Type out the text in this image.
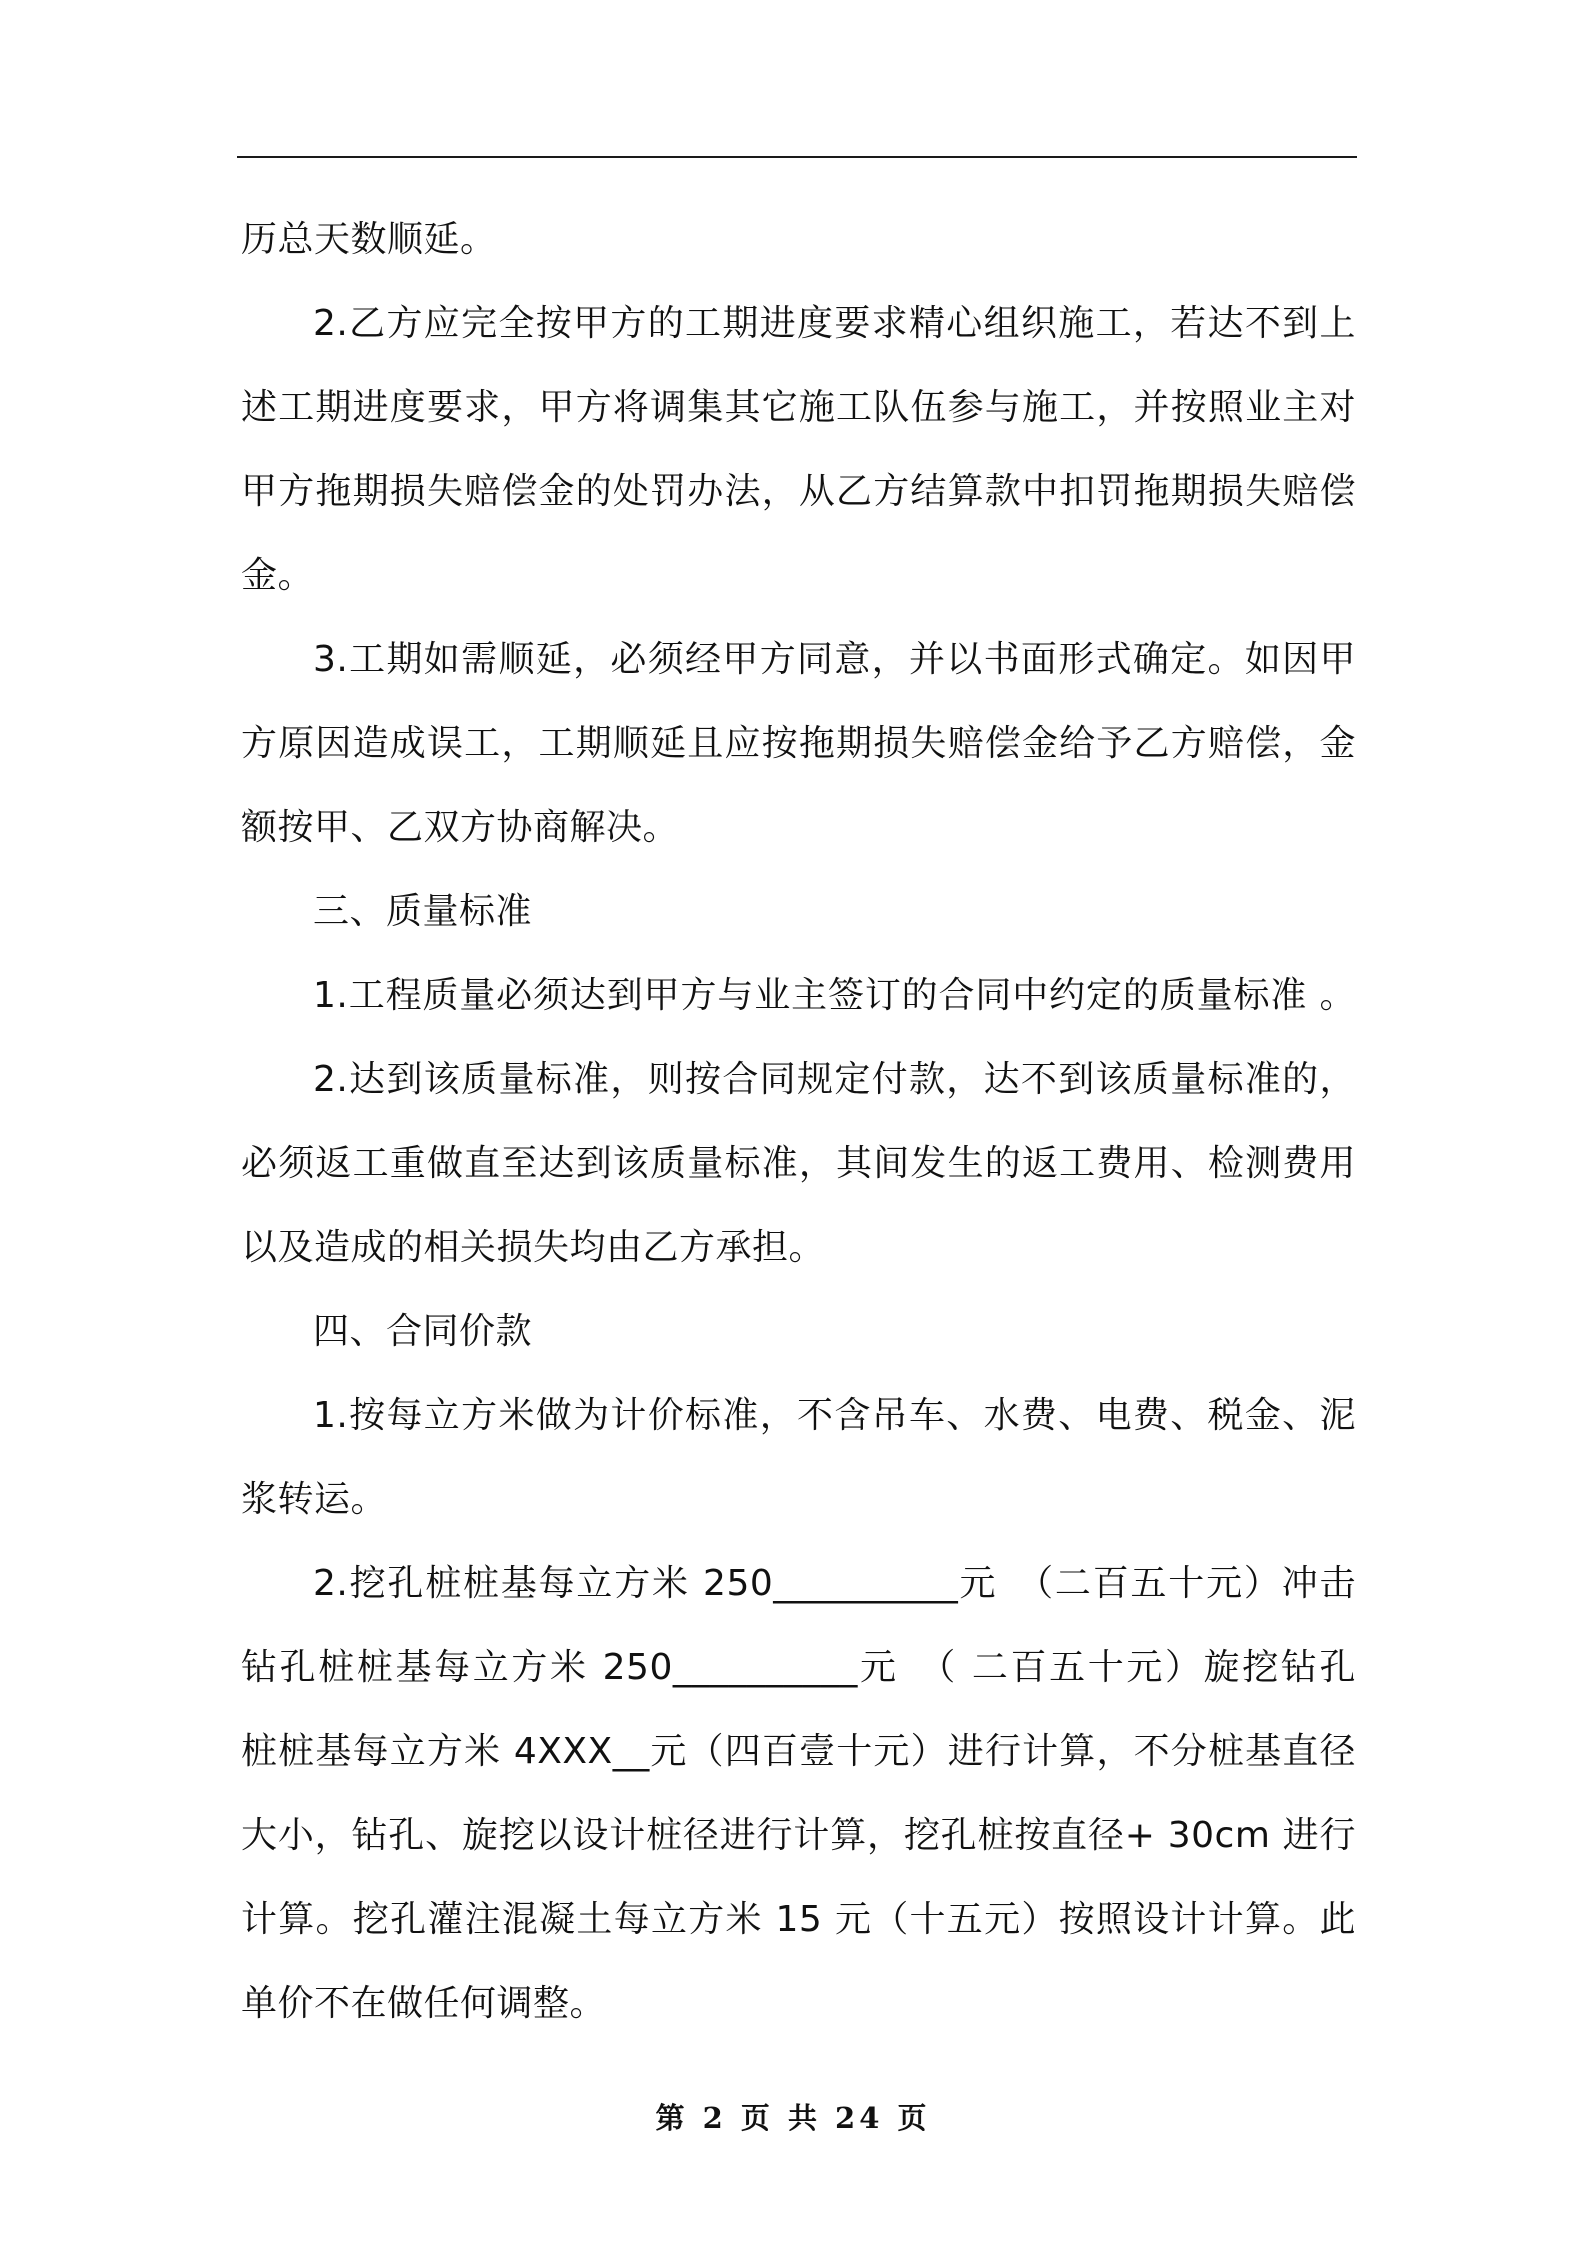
历总天数顺延。
2.乙方应完全按甲方的工期进度要求精心组织施工，若达不到上
述工期进度要求，甲方将调集其它施工队伍参与施工，并按照业主对
甲方拖期损失赔偿金的处罚办法，从乙方结算款中扣罚拖期损失赔偿
金。
3.工期如需顺延，必须经甲方同意，并以书面形式确定。如因甲
方原因造成误工，工期顺延且应按拖期损失赔偿金给予乙方赔偿，金
额按甲、乙双方协商解决。
三、质量标准
1.工程质量必须达到甲方与业主签订的合同中约定的质量标准 。
2.达到该质量标准，则按合同规定付款，达不到该质量标准的，
必须返工重做直至达到该质量标准，其间发生的返工费用、检测费用
以及造成的相关损失均由乙方承担。
四、合同价款
1.按每立方米做为计价标准，不含吊车、水费、电费、税金、泥
浆转运。
2.挖孔桩桩基每立方米 250__________元　（二百五十元）冲击
钻孔桩桩基每立方米 250__________元　（ 二百五十元）旋挖钻孔
桩桩基每立方米 4XXX__元（四百壹十元）进行计算，不分桩基直径
大小，钻孔、旋挖以设计桩径进行计算，挖孔桩按直径+ 30cm 进行
计算。挖孔灌注混凝土每立方米 15 元（十五元）按照设计计算。此
单价不在做任何调整。
第 2 页 共 24 页
